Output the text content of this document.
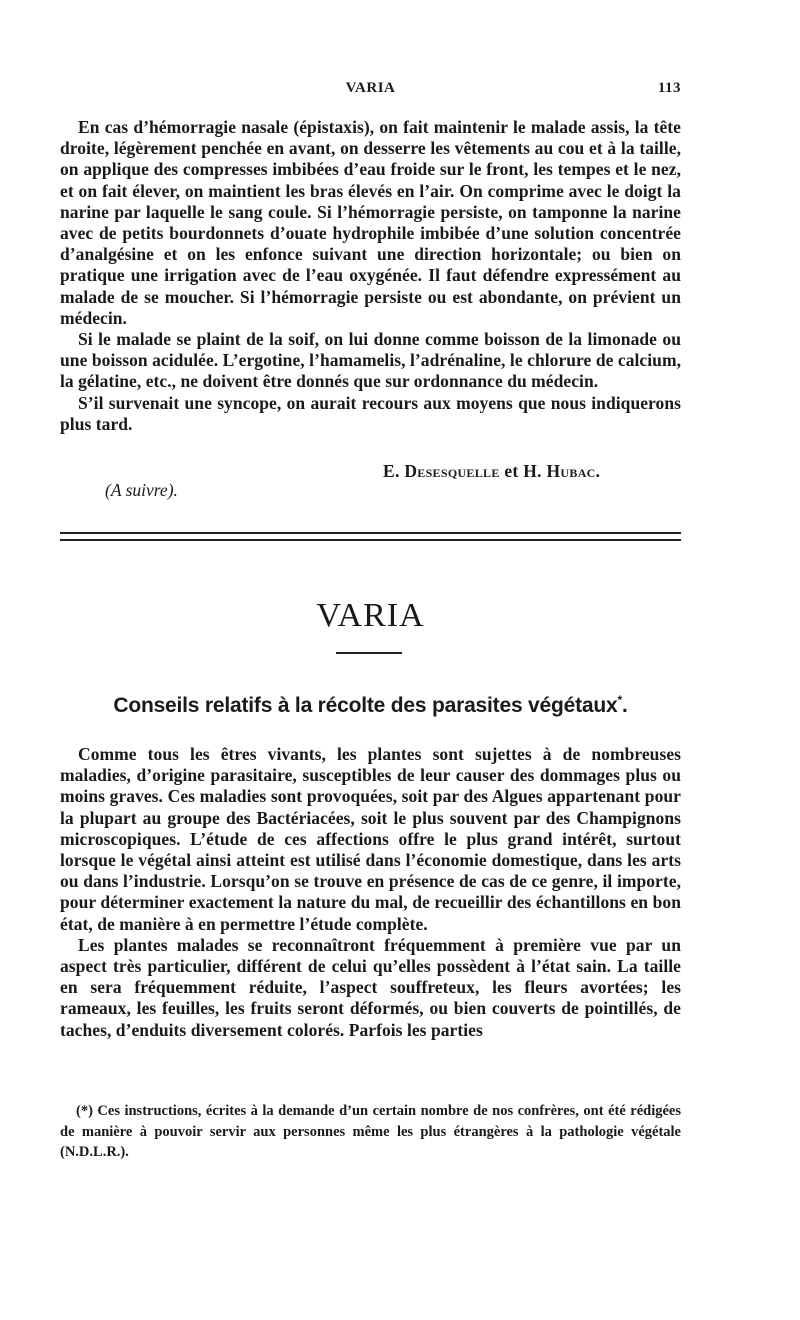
VARIA	113

En cas d’hémorragie nasale (épistaxis), on fait maintenir le malade assis, la tête droite, légèrement penchée en avant, on desserre les vêtements au cou et à la taille, on applique des compresses imbibées d’eau froide sur le front, les tempes et le nez, et on fait élever, on maintient les bras élevés en l’air. On comprime avec le doigt la narine par laquelle le sang coule. Si l’hémorragie persiste, on tamponne la narine avec de petits bourdonnets d’ouate hydrophile imbibée d’une solution concentrée d’analgésine et on les enfonce suivant une direction horizontale; ou bien on pratique une irrigation avec de l’eau oxygénée. Il faut défendre expressément au malade de se moucher. Si l’hémorragie persiste ou est abondante, on prévient un médecin.

Si le malade se plaint de la soif, on lui donne comme boisson de la limonade ou une boisson acidulée. L’ergotine, l’hamamelis, l’adrénaline, le chlorure de calcium, la gélatine, etc., ne doivent être donnés que sur ordonnance du médecin.

S’il survenait une syncope, on aurait recours aux moyens que nous indiquerons plus tard.

E. Desesquelle et H. Hubac.
(A suivre).
VARIA
Conseils relatifs à la récolte des parasites végétaux*.

Comme tous les êtres vivants, les plantes sont sujettes à de nombreuses maladies, d’origine parasitaire, susceptibles de leur causer des dommages plus ou moins graves. Ces maladies sont provoquées, soit par des Algues appartenant pour la plupart au groupe des Bactériacées, soit le plus souvent par des Champignons microscopiques. L’étude de ces affections offre le plus grand intérêt, surtout lorsque le végétal ainsi atteint est utilisé dans l’économie domestique, dans les arts ou dans l’industrie. Lorsqu’on se trouve en présence de cas de ce genre, il importe, pour déterminer exactement la nature du mal, de recueillir des échantillons en bon état, de manière à en permettre l’étude complète.

Les plantes malades se reconnaîtront fréquemment à première vue par un aspect très particulier, différent de celui qu’elles possèdent à l’état sain. La taille en sera fréquemment réduite, l’aspect souffreteux, les fleurs avortées; les rameaux, les feuilles, les fruits seront déformés, ou bien couverts de pointillés, de taches, d’enduits diversement colorés. Parfois les parties

(*) Ces instructions, écrites à la demande d’un certain nombre de nos confrères, ont été rédigées de manière à pouvoir servir aux personnes même les plus étrangères à la pathologie végétale (N.D.L.R.).
